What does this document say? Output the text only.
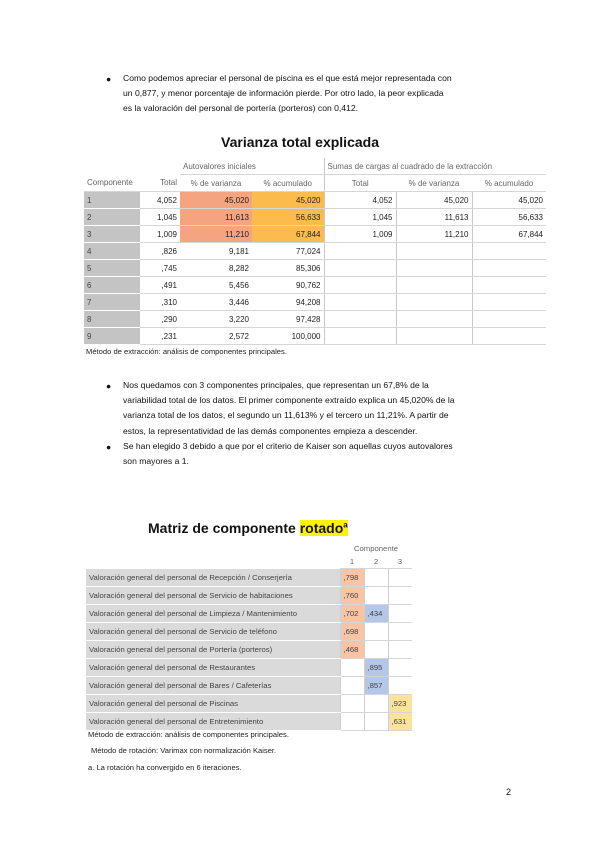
● Como podemos apreciar el personal de piscina es el que está mejor representada con
un 0,877, y menor porcentaje de información pierde. Por otro lado, la peor explicada
es la valoración del personal de portería (porteros) con 0,412.
Varianza total explicada
		Autovalores iniciales		Sumas de cargas al cuadrado de la extracción		
Componente	Total	% de varianza	% acumulado	Total	% de varianza	% acumulado
1	4,052	45,020	45,020	4,052	45,020	45,020
2	1,045	11,613	56,633	1,045	11,613	56,633
3	1,009	11,210	67,844	1,009	11,210	67,844
4	,826	9,181	77,024			
5	,745	8,282	85,306			
6	,491	5,456	90,762			
7	,310	3,446	94,208			
8	,290	3,220	97,428			
9	,231	2,572	100,000			
Método de extracción: análisis de componentes principales.
● Nos quedamos con 3 componentes principales, que representan un 67,8% de la
variabilidad total de los datos. El primer componente extraído explica un 45,020% de la
varianza total de los datos, el segundo un 11,613% y el tercero un 11,21%. A partir de
estos, la representatividad de las demás componentes empieza a descender.
● Se han elegido 3 debido a que por el criterio de Kaiser son aquellas cuyos autovalores
son mayores a 1.
Matriz de componente rotado$^a$
	Componente		
	1	2	3
Valoración general del personal de Recepción / Conserjería	,798		
Valoración general del personal de Servicio de habitaciones	,760		
Valoración general del personal de Limpieza / Mantenimiento	,702	,434	
Valoración general del personal de Servicio de teléfono	,698		
Valoración general del personal de Portería (porteros)	,468		
Valoración general del personal de Restaurantes		,895	
Valoración general del personal de Bares / Cafeterías		,857	
Valoración general del personal de Piscinas			,923
Valoración general del personal de Entretenimiento			,631
Método de extracción: análisis de componentes principales.
Método de rotación: Varimax con normalización Kaiser.
a. La rotación ha convergido en 6 iteraciones.
2
